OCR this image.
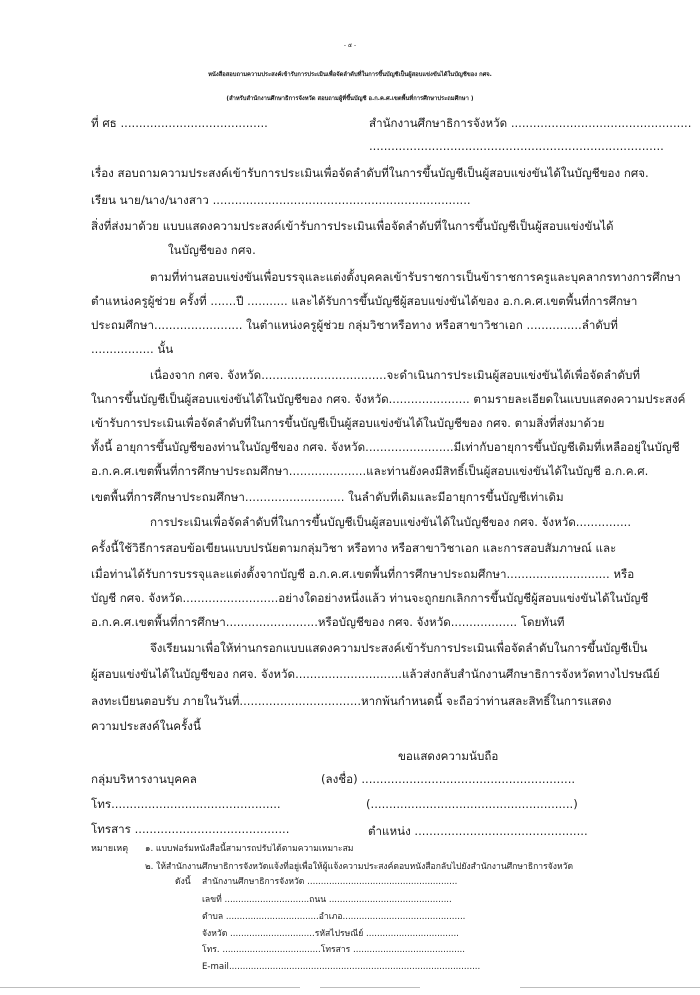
- ๕ -
หนังสือสอบถามความประสงค์เข้ารับการประเมินเพื่อจัดลำดับที่ในการขึ้นบัญชีเป็นผู้สอบแข่งขันได้ในบัญชีของ กศจ.
(สำหรับสำนักงานศึกษาธิการจังหวัด สอบถามผู้ที่ขึ้นบัญชี อ.ก.ค.ศ.เขตพื้นที่การศึกษาประถมศึกษา )
ที่ ศธ ........................................	สำนักงานศึกษาธิการจังหวัด .................................................
................................................................................
เรื่อง สอบถามความประสงค์เข้ารับการประเมินเพื่อจัดลำดับที่ในการขึ้นบัญชีเป็นผู้สอบแข่งขันได้ในบัญชีของ กศจ.
เรียน นาย/นาง/นางสาว ......................................................................
สิ่งที่ส่งมาด้วย แบบแสดงความประสงค์เข้ารับการประเมินเพื่อจัดลำดับที่ในการขึ้นบัญชีเป็นผู้สอบแข่งขันได้
ในบัญชีของ กศจ.
ตามที่ท่านสอบแข่งขันเพื่อบรรจุและแต่งตั้งบุคคลเข้ารับราชการเป็นข้าราชการครูและบุคลากรทางการศึกษา
ตำแหน่งครูผู้ช่วย ครั้งที่ .......ปี ........... และได้รับการขึ้นบัญชีผู้สอบแข่งขันได้ของ อ.ก.ค.ศ.เขตพื้นที่การศึกษา
ประถมศึกษา........................ ในตำแหน่งครูผู้ช่วย กลุ่มวิชาหรือทาง หรือสาขาวิชาเอก ...............ลำดับที่
................. นั้น
เนื่องจาก กศจ. จังหวัด..................................จะดำเนินการประเมินผู้สอบแข่งขันได้เพื่อจัดลำดับที่
ในการขึ้นบัญชีเป็นผู้สอบแข่งขันได้ในบัญชีของ กศจ. จังหวัด...................... ตามรายละเอียดในแบบแสดงความประสงค์
เข้ารับการประเมินเพื่อจัดลำดับที่ในการขึ้นบัญชีเป็นผู้สอบแข่งขันได้ในบัญชีของ กศจ. ตามสิ่งที่ส่งมาด้วย
ทั้งนี้ อายุการขึ้นบัญชีของท่านในบัญชีของ กศจ. จังหวัด........................มีเท่ากับอายุการขึ้นบัญชีเดิมที่เหลืออยู่ในบัญชี
อ.ก.ค.ศ.เขตพื้นที่การศึกษาประถมศึกษา.....................และท่านยังคงมีสิทธิ์เป็นผู้สอบแข่งขันได้ในบัญชี อ.ก.ค.ศ.
เขตพื้นที่การศึกษาประถมศึกษา........................... ในลำดับที่เดิมและมีอายุการขึ้นบัญชีเท่าเดิม
การประเมินเพื่อจัดลำดับที่ในการขึ้นบัญชีเป็นผู้สอบแข่งขันได้ในบัญชีของ กศจ. จังหวัด...............
ครั้งนี้ใช้วิธีการสอบข้อเขียนแบบปรนัยตามกลุ่มวิชา หรือทาง หรือสาขาวิชาเอก และการสอบสัมภาษณ์ และ
เมื่อท่านได้รับการบรรจุและแต่งตั้งจากบัญชี อ.ก.ค.ศ.เขตพื้นที่การศึกษาประถมศึกษา............................ หรือ
บัญชี กศจ. จังหวัด..........................อย่างใดอย่างหนึ่งแล้ว ท่านจะถูกยกเลิกการขึ้นบัญชีผู้สอบแข่งขันได้ในบัญชี
อ.ก.ค.ศ.เขตพื้นที่การศึกษา.........................หรือบัญชีของ กศจ. จังหวัด.................. โดยทันที
จึงเรียนมาเพื่อให้ท่านกรอกแบบแสดงความประสงค์เข้ารับการประเมินเพื่อจัดลำดับในการขึ้นบัญชีเป็น
ผู้สอบแข่งขันได้ในบัญชีของ กศจ. จังหวัด.............................แล้วส่งกลับสำนักงานศึกษาธิการจังหวัดทางไปรษณีย์
ลงทะเบียนตอบรับ ภายในวันที่.................................หากพ้นกำหนดนี้ จะถือว่าท่านสละสิทธิ์ในการแสดง
ความประสงค์ในครั้งนี้
ขอแสดงความนับถือ
กลุ่มบริหารงานบุคคล	(ลงชื่อ) ..........................................................
โทร..............................................	(.......................................................)
โทรสาร ..........................................	ตำแหน่ง ...............................................
หมายเหตุ ๑. แบบฟอร์มหนังสือนี้สามารถปรับได้ตามความเหมาะสม
๒. ให้สำนักงานศึกษาธิการจังหวัดแจ้งที่อยู่เพื่อให้ผู้แจ้งความประสงค์ตอบหนังสือกลับไปยังสำนักงานศึกษาธิการจังหวัด
ดังนี้ สำนักงานศึกษาธิการจังหวัด .......................................................
เลขที่ ...............................ถนน .............................................
ตำบล ..................................อำเภอ.............................................
จังหวัด ...............................รหัสไปรษณีย์ ..................................
โทร. ....................................โทรสาร .........................................
E-mail............................................................................................
